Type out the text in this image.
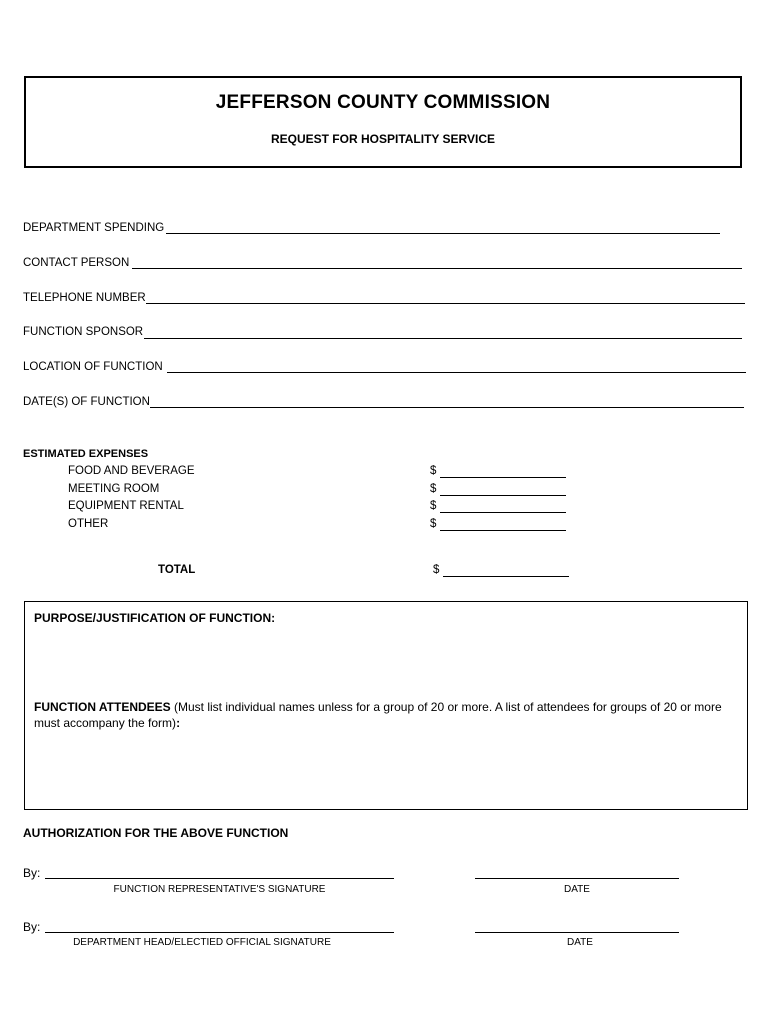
JEFFERSON COUNTY COMMISSION
REQUEST FOR HOSPITALITY SERVICE
DEPARTMENT SPENDING
CONTACT PERSON
TELEPHONE NUMBER
FUNCTION SPONSOR
LOCATION OF FUNCTION
DATE(S) OF FUNCTION
ESTIMATED EXPENSES
FOOD AND BEVERAGE	$
MEETING ROOM	$
EQUIPMENT RENTAL	$
OTHER	$
TOTAL	$
PURPOSE/JUSTIFICATION OF FUNCTION:
FUNCTION ATTENDEES (Must list individual names unless for a group of 20 or more. A list of attendees for groups of 20 or more must accompany the form):
AUTHORIZATION FOR THE ABOVE FUNCTION
By:
FUNCTION REPRESENTATIVE'S SIGNATURE	DATE
By:
DEPARTMENT HEAD/ELECTIED OFFICIAL SIGNATURE	DATE
